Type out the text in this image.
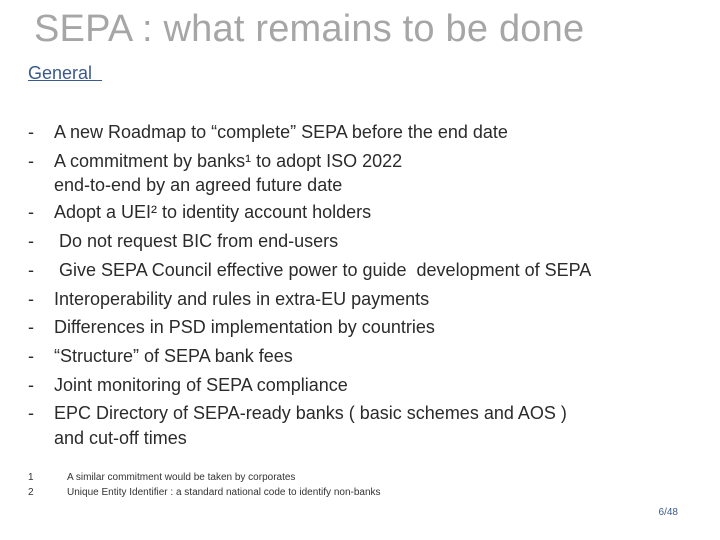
SEPA : what remains to be done
General
-	A new Roadmap to “complete” SEPA before the end date
-	A commitment by banks¹ to adopt ISO 2022
end-to-end by an agreed future date
-	Adopt a UEI² to identity account holders
-	Do not request BIC from end-users
-	Give SEPA Council effective power to guide  development of SEPA
-	Interoperability and rules in extra-EU payments
-	Differences in PSD implementation by countries
-	“Structure” of SEPA bank fees
-	Joint monitoring of SEPA compliance
-	EPC Directory of SEPA-ready banks ( basic schemes and AOS )
and cut-off times
1	A similar commitment would be taken by corporates
2	Unique Entity Identifier : a standard national code to identify non-banks
6/48
